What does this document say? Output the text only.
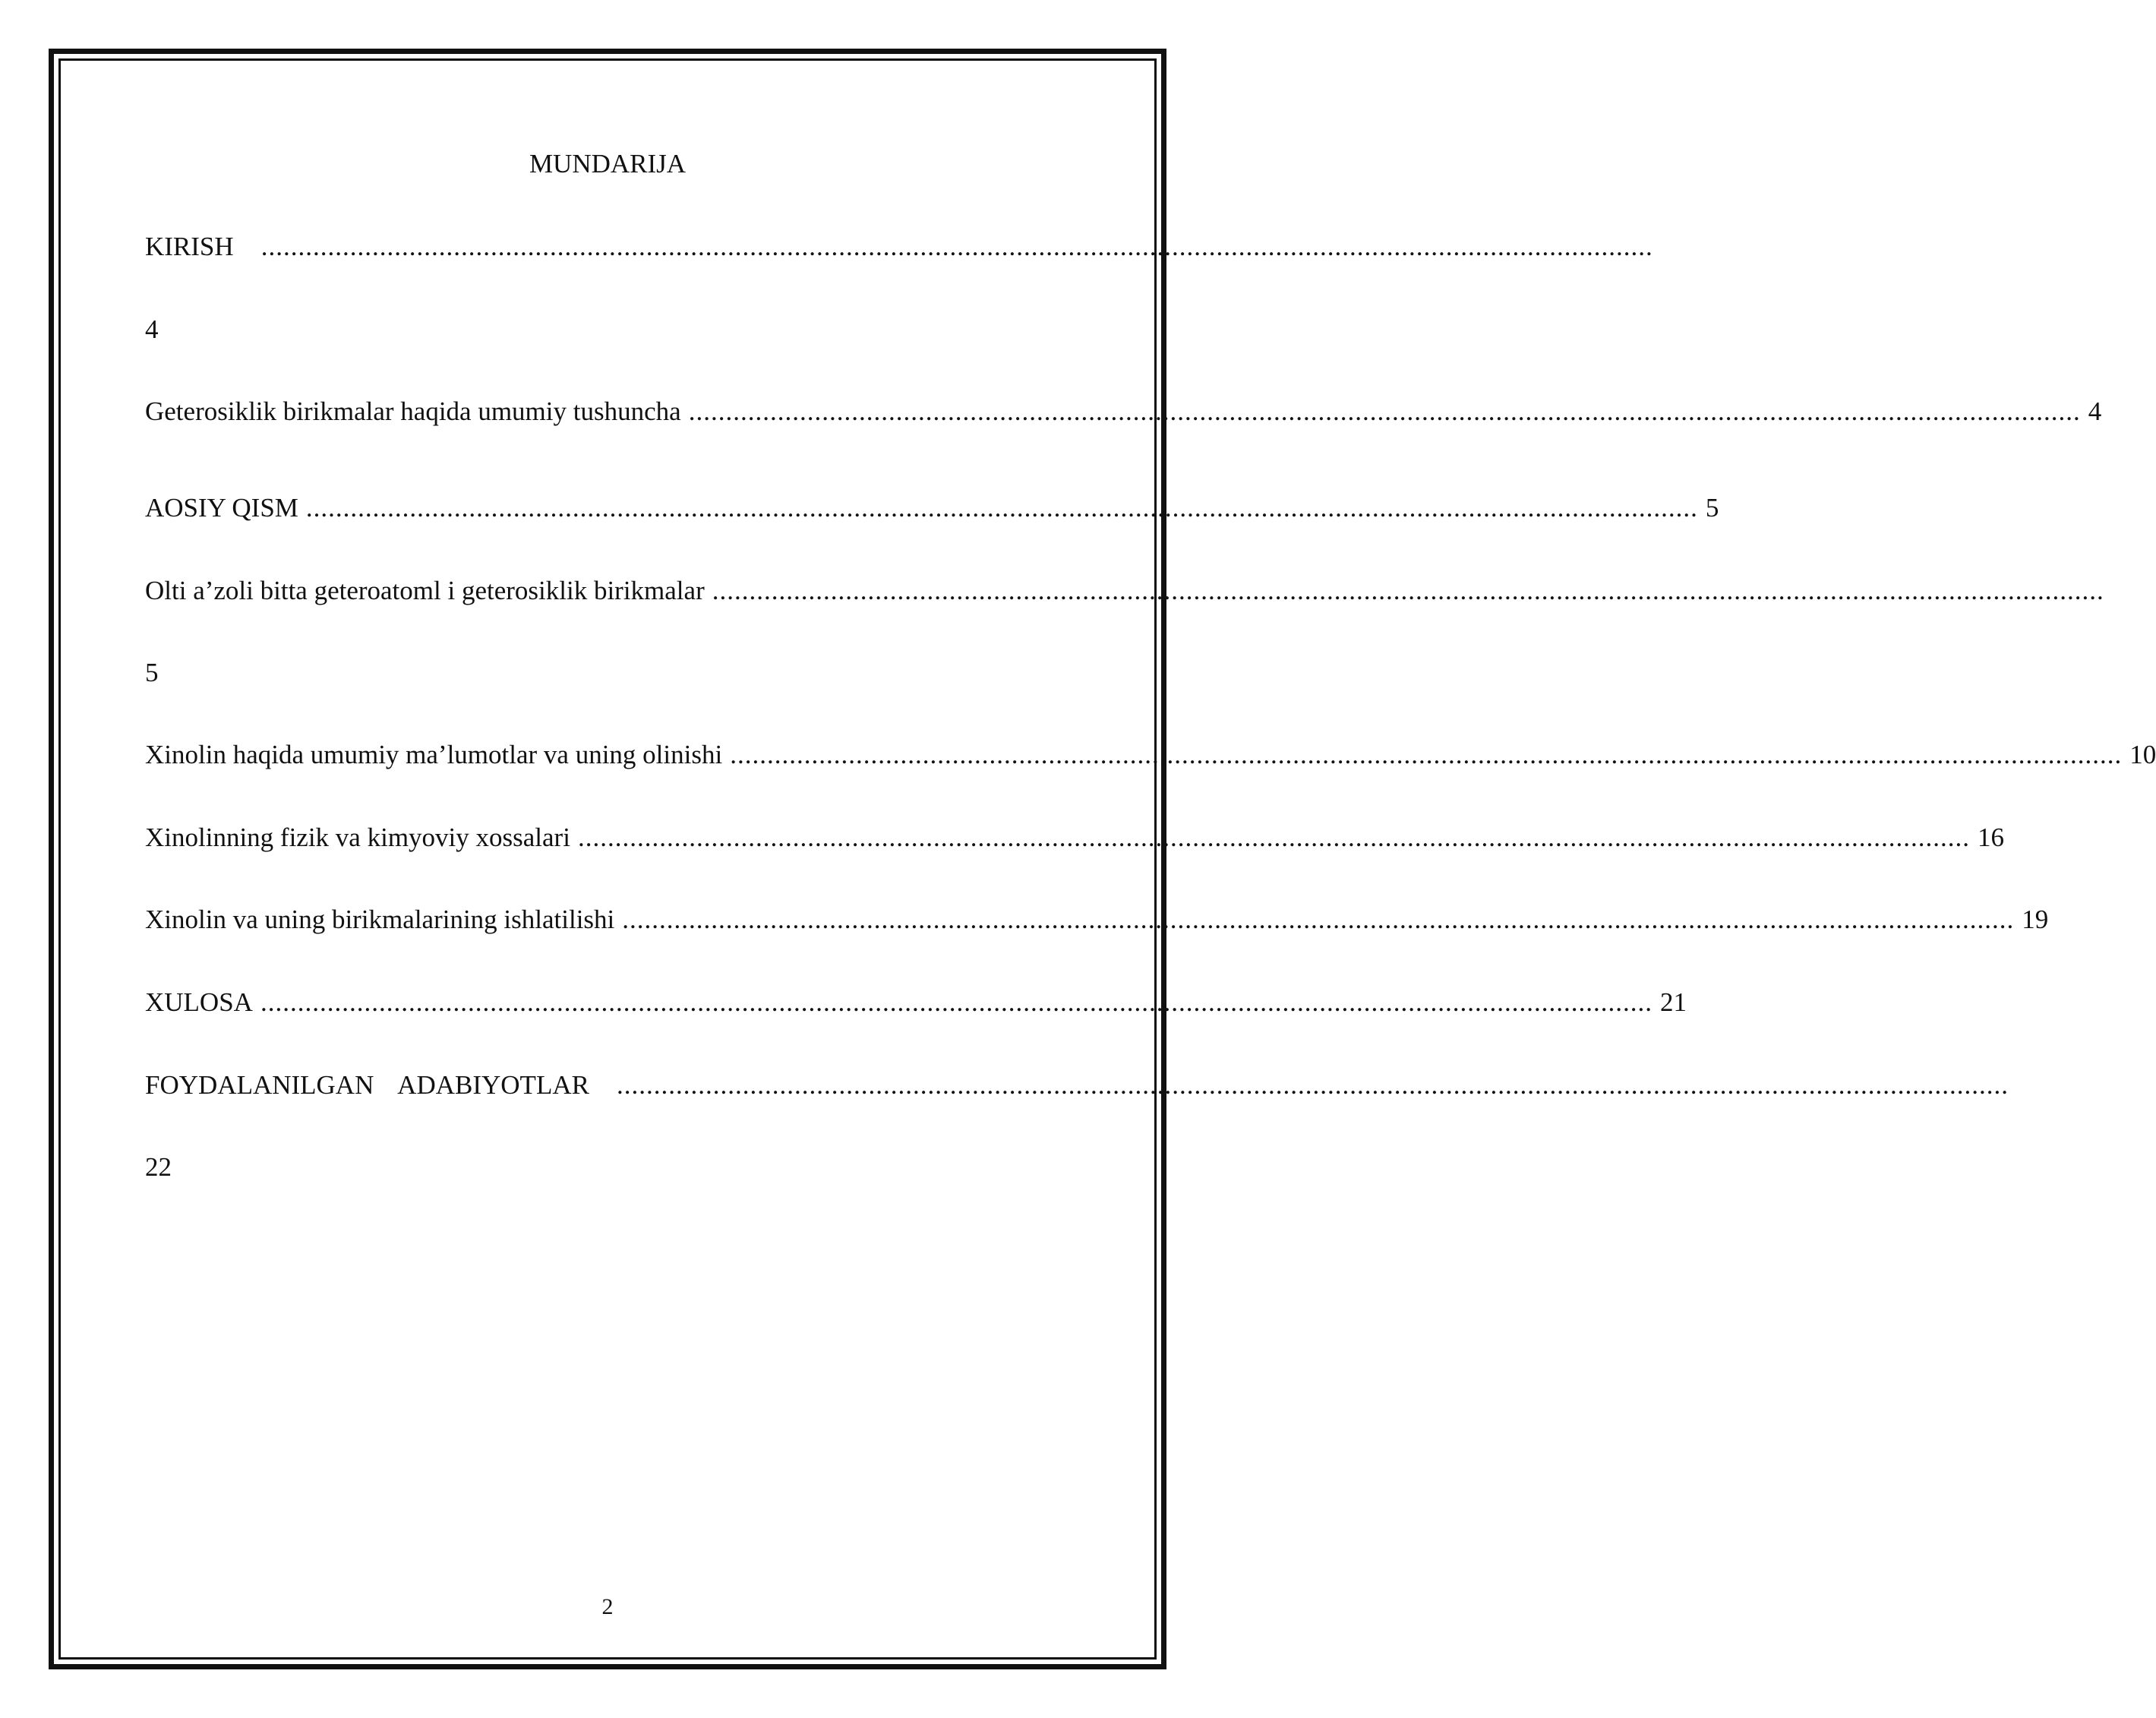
MUNDARIJA
KIRISH ............................................................................................................................................................................................
4
Geterosiklik birikmalar haqida umumiy tushuncha ............................................................................................................................................................................................ 4
AOSIY QISM ............................................................................................................................................................................................ 5
Olti a’zoli bitta geteroatoml i geterosiklik birikmalar ............................................................................................................................................................................................
5
Xinolin haqida umumiy ma’lumotlar va uning olinishi ............................................................................................................................................................................................ 10
Xinolinning fizik va kimyoviy xossalari ............................................................................................................................................................................................ 16
Xinolin va uning birikmalarining ishlatilishi ............................................................................................................................................................................................ 19
XULOSA ............................................................................................................................................................................................ 21
FOYDALANILGAN ADABIYOTLAR ............................................................................................................................................................................................
22
2
